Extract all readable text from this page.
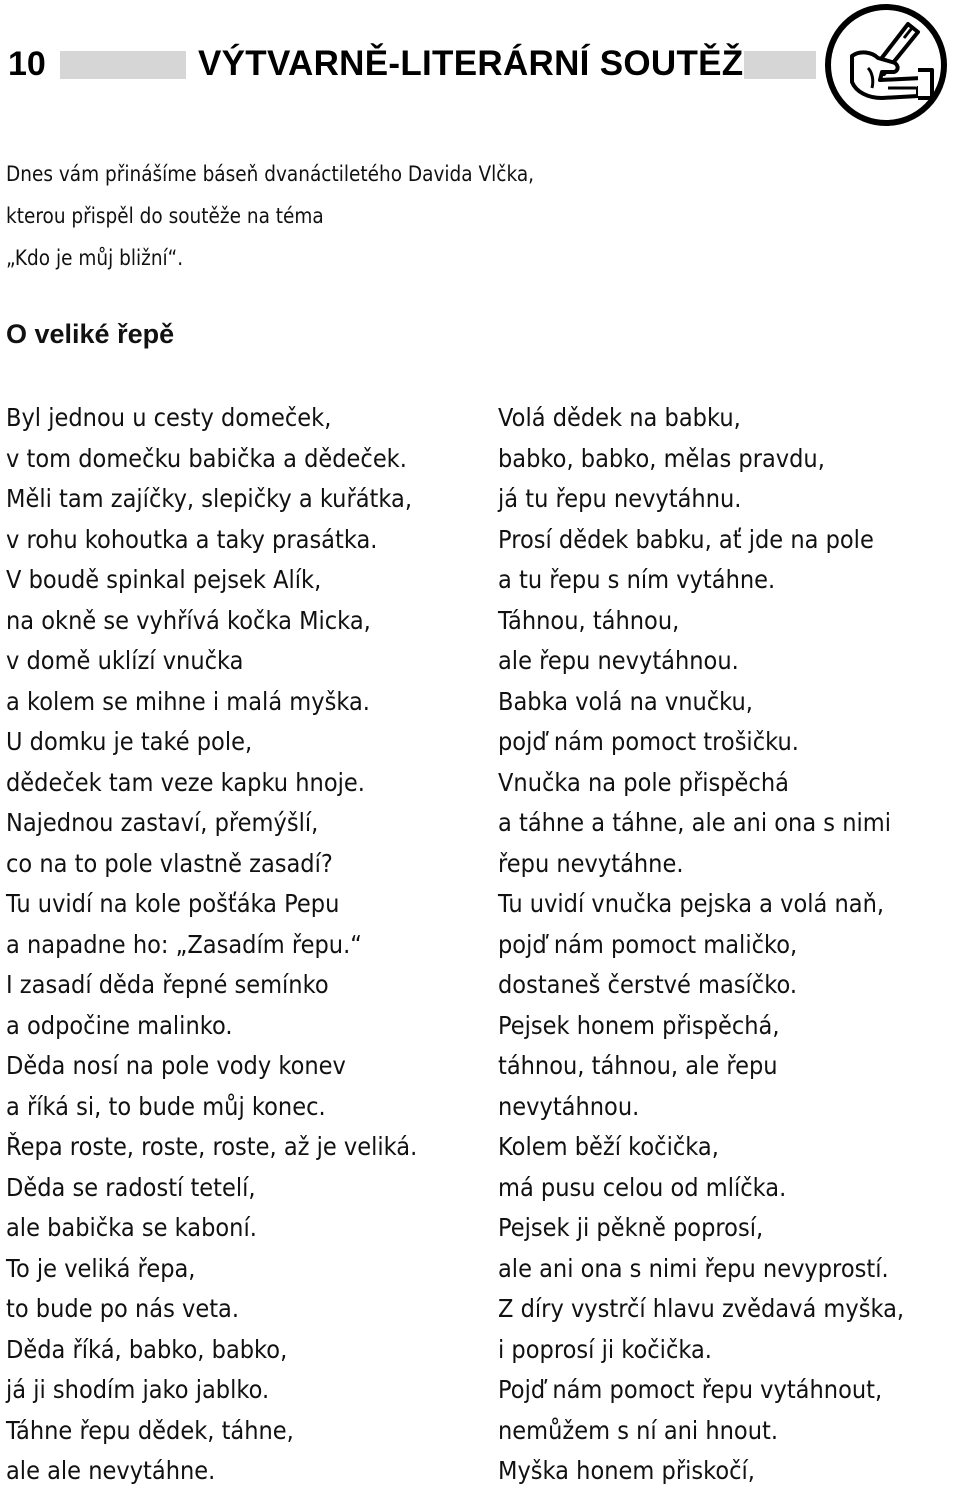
10	VÝTVARNĚ-LITERÁRNÍ SOUTĚŽ
Dnes vám přinášíme báseň dvanáctiletého Davida Vlčka,
kterou přispěl do soutěže na téma
„Kdo je můj bližní“.
O veliké řepě
Byl jednou u cesty domeček,
v tom domečku babička a dědeček.
Měli tam zajíčky, slepičky a kuřátka,
v rohu kohoutka a taky prasátka.
V boudě spinkal pejsek Alík,
na okně se vyhřívá kočka Micka,
v domě uklízí vnučka
a kolem se mihne i malá myška.
U domku je také pole,
dědeček tam veze kapku hnoje.
Najednou zastaví, přemýšlí,
co na to pole vlastně zasadí?
Tu uvidí na kole pošťáka Pepu
a napadne ho: „Zasadím řepu.“
I zasadí děda řepné semínko
a odpočine malinko.
Děda nosí na pole vody konev
a říká si, to bude můj konec.
Řepa roste, roste, roste, až je veliká.
Děda se radostí tetelí,
ale babička se kaboní.
To je veliká řepa,
to bude po nás veta.
Děda říká, babko, babko,
já ji shodím jako jablko.
Táhne řepu dědek, táhne,
ale ale nevytáhne.
Volá dědek na babku,
babko, babko, mělas pravdu,
já tu řepu nevytáhnu.
Prosí dědek babku, ať jde na pole
a tu řepu s ním vytáhne.
Táhnou, táhnou,
ale řepu nevytáhnou.
Babka volá na vnučku,
pojď nám pomoct trošičku.
Vnučka na pole přispěchá
a táhne a táhne, ale ani ona s nimi
řepu nevytáhne.
Tu uvidí vnučka pejska a volá naň,
pojď nám pomoct maličko,
dostaneš čerstvé masíčko.
Pejsek honem přispěchá,
táhnou, táhnou, ale řepu
nevytáhnou.
Kolem běží kočička,
má pusu celou od mlíčka.
Pejsek ji pěkně poprosí,
ale ani ona s nimi řepu nevyprostí.
Z díry vystrčí hlavu zvědavá myška,
i poprosí ji kočička.
Pojď nám pomoct řepu vytáhnout,
nemůžem s ní ani hnout.
Myška honem přiskočí,
